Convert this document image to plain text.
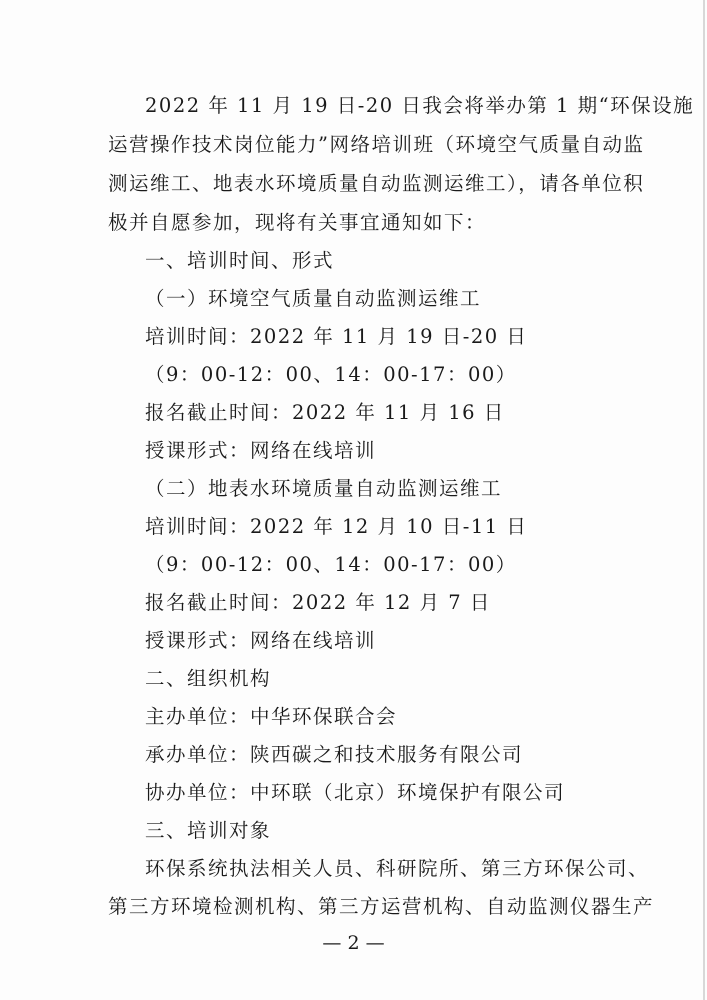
2022 年 11 月 19 日-20 日我会将举办第 1 期“环保设施
运营操作技术岗位能力”网络培训班（环境空气质量自动监
测运维工、地表水环境质量自动监测运维工），请各单位积
极并自愿参加，现将有关事宜通知如下：
一、培训时间、形式
（一）环境空气质量自动监测运维工
培训时间：2022 年 11 月 19 日-20 日
（9：00-12：00、14：00-17：00）
报名截止时间：2022 年 11 月 16 日
授课形式：网络在线培训
（二）地表水环境质量自动监测运维工
培训时间：2022 年 12 月 10 日-11 日
（9：00-12：00、14：00-17：00）
报名截止时间：2022 年 12 月 7 日
授课形式：网络在线培训
二、组织机构
主办单位：中华环保联合会
承办单位：陕西碳之和技术服务有限公司
协办单位：中环联（北京）环境保护有限公司
三、培训对象
环保系统执法相关人员、科研院所、第三方环保公司、
第三方环境检测机构、第三方运营机构、自动监测仪器生产
— 2 —
